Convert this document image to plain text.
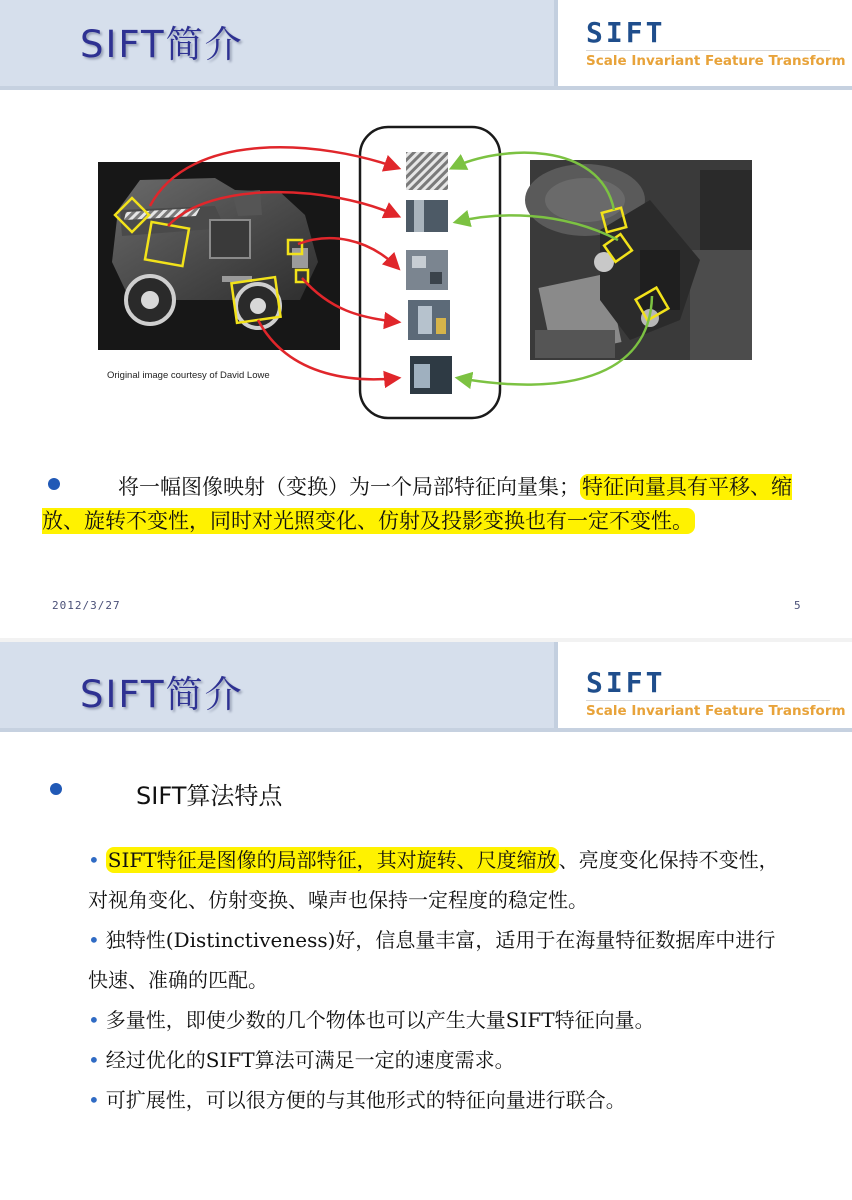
SIFT
Scale Invariant Feature Transform
SIFT简介
Original image courtesy of David Lowe
将一幅图像映射（变换）为一个局部特征向量集；特征向量具有平移、缩放、旋转不变性，同时对光照变化、仿射及投影变换也有一定不变性。
2012/3/27	5
SIFT
Scale Invariant Feature Transform
SIFT简介
SIFT算法特点
• SIFT特征是图像的局部特征，其对旋转、尺度缩放 、亮度变化保持不变性，对视角变化、仿射变换、噪声也保持一定程度的稳定性。
• 独特性(Distinctiveness)好，信息量丰富，适用于在海量特征数据库中进行快速、准确的匹配。
• 多量性，即使少数的几个物体也可以产生大量SIFT特征向量。
• 经过优化的SIFT算法可满足一定的速度需求。
• 可扩展性，可以很方便的与其他形式的特征向量进行联合。
